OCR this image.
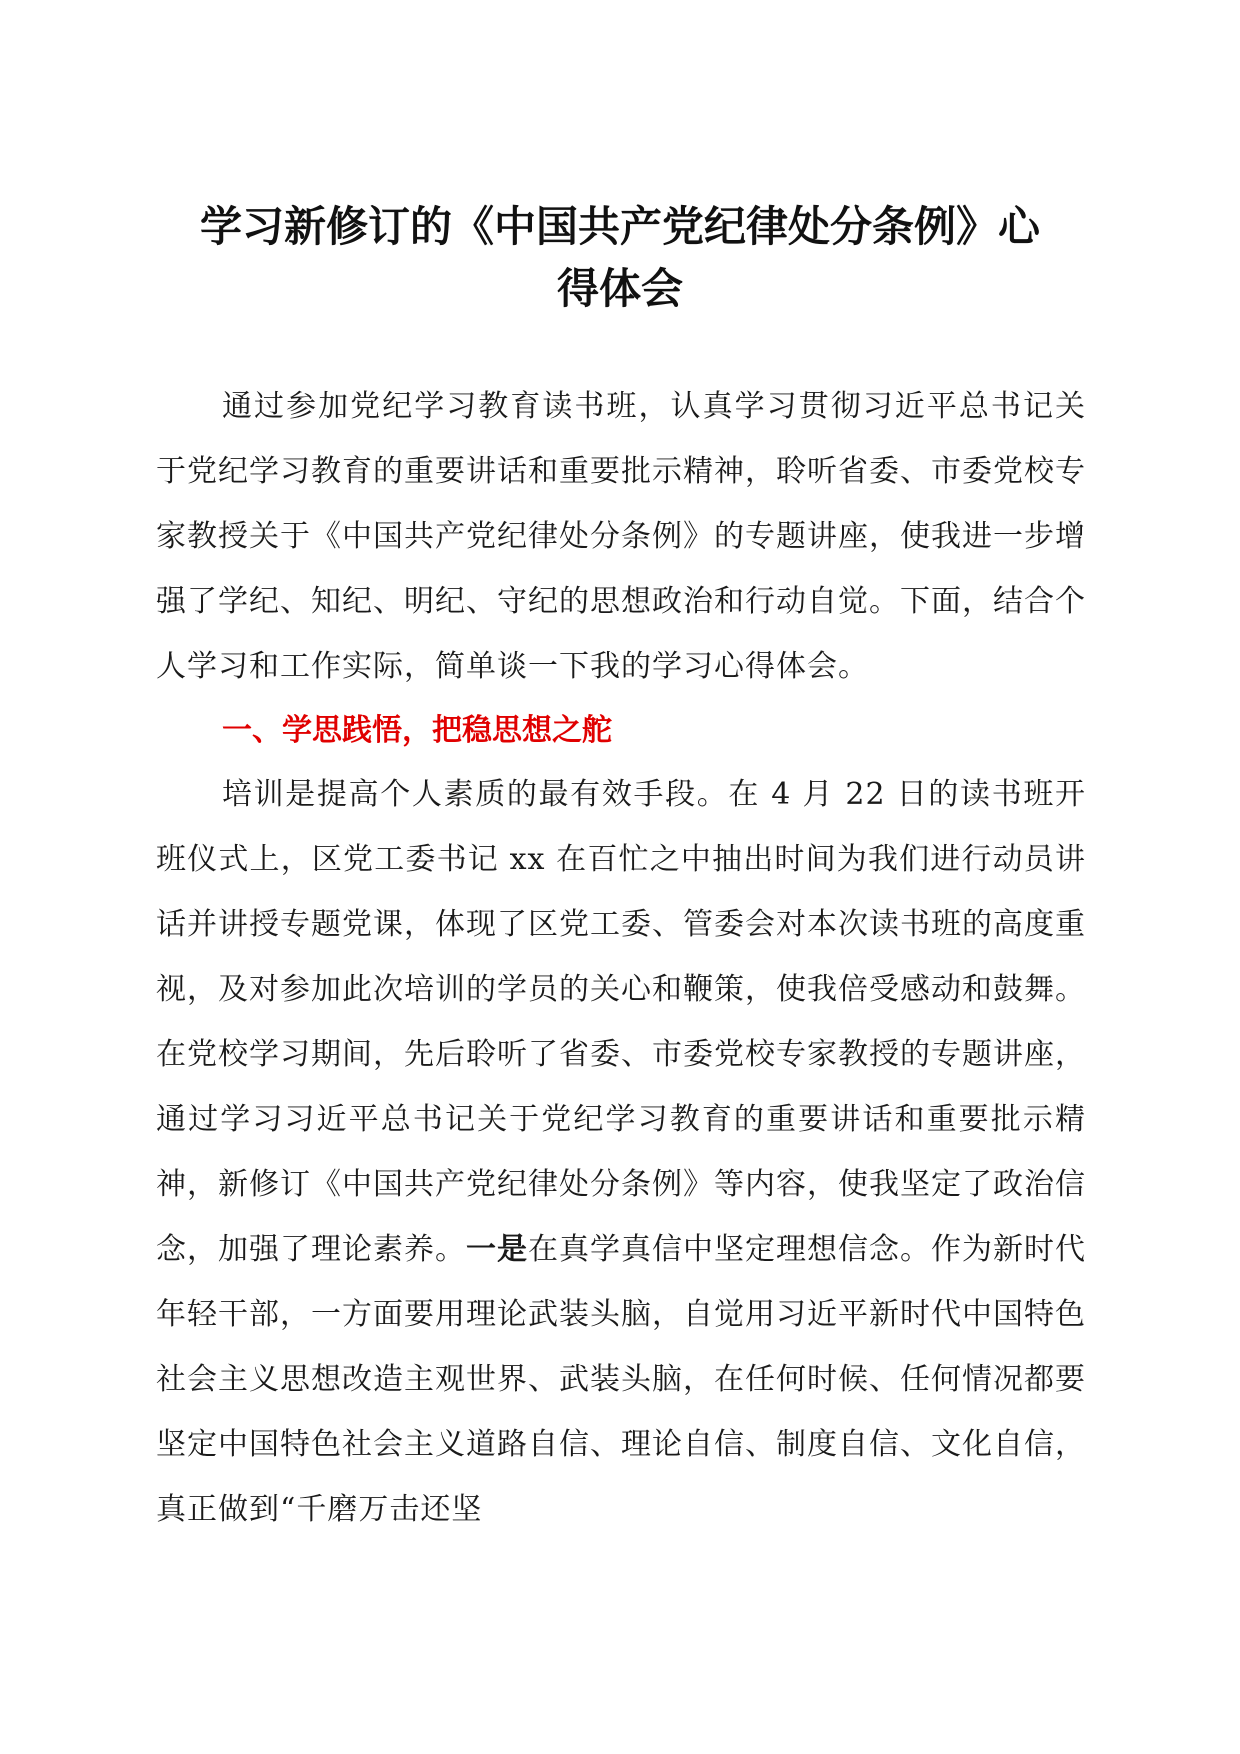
学习新修订的《中国共产党纪律处分条例》心
得体会

通过参加党纪学习教育读书班，认真学习贯彻习近平总书记关于党纪学习教育的重要讲话和重要批示精神，聆听省委、市委党校专家教授关于《中国共产党纪律处分条例》的专题讲座，使我进一步增强了学纪、知纪、明纪、守纪的思想政治和行动自觉。下面，结合个人学习和工作实际，简单谈一下我的学习心得体会。

一、学思践悟，把稳思想之舵

培训是提高个人素质的最有效手段。在 4 月 22 日的读书班开班仪式上，区党工委书记 xx 在百忙之中抽出时间为我们进行动员讲话并讲授专题党课，体现了区党工委、管委会对本次读书班的高度重视，及对参加此次培训的学员的关心和鞭策，使我倍受感动和鼓舞。在党校学习期间，先后聆听了省委、市委党校专家教授的专题讲座，通过学习习近平总书记关于党纪学习教育的重要讲话和重要批示精神，新修订《中国共产党纪律处分条例》等内容，使我坚定了政治信念，加强了理论素养。一是在真学真信中坚定理想信念。作为新时代年轻干部，一方面要用理论武装头脑，自觉用习近平新时代中国特色社会主义思想改造主观世界、武装头脑，在任何时候、任何情况都要坚定中国特色社会主义道路自信、理论自信、制度自信、文化自信，真正做到“千磨万击还坚
